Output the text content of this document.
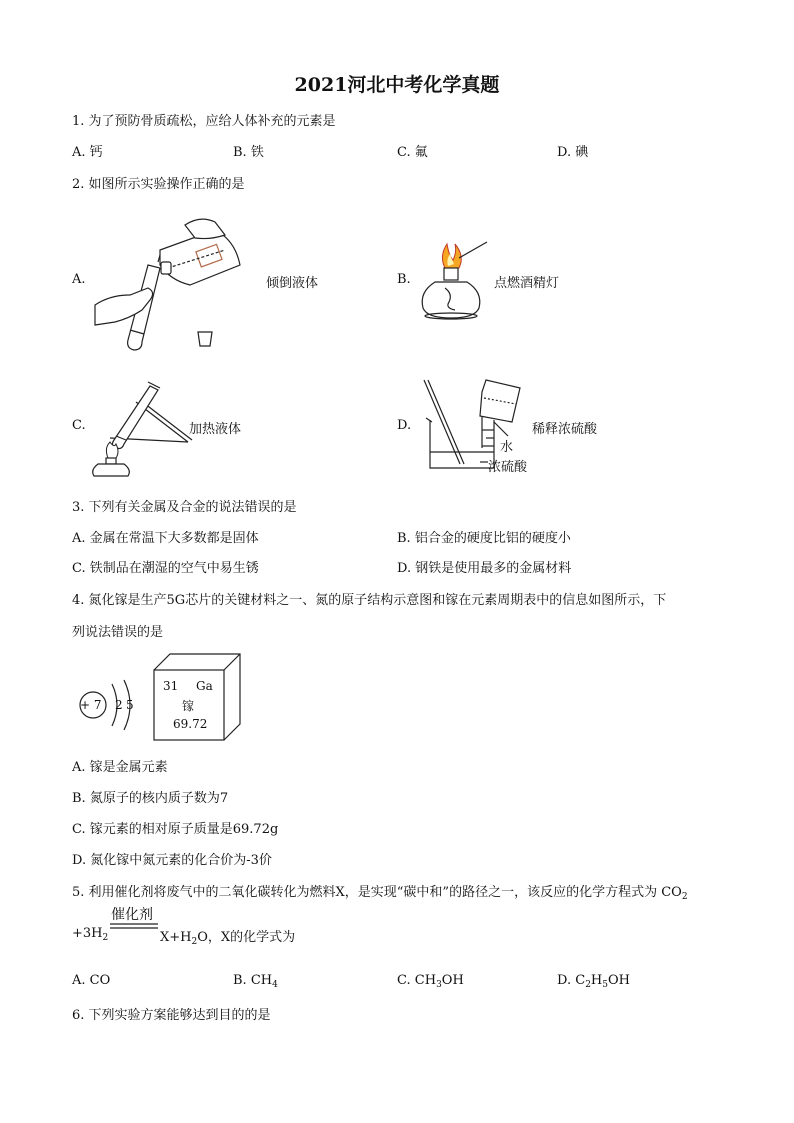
2021河北中考化学真题
1. 为了预防骨质疏松，应给人体补充的元素是
A. 钙	B. 铁	C. 氟	D. 碘
2. 如图所示实验操作正确的是
A.	倾倒液体	B.	点燃酒精灯
C.	加热液体	D.	稀释浓硫酸
水
浓硫酸
3. 下列有关金属及合金的说法错误的是
A. 金属在常温下大多数都是固体	B. 铝合金的硬度比铝的硬度小
C. 铁制品在潮湿的空气中易生锈	D. 钢铁是使用最多的金属材料
4. 氮化镓是生产5G芯片的关键材料之一、氮的原子结构示意图和镓在元素周期表中的信息如图所示，下
列说法错误的是
+ 7 2 5
31 Ga
镓
69.72
A. 镓是金属元素
B. 氮原子的核内质子数为7
C. 镓元素的相对原子质量是69.72g
D. 氮化镓中氮元素的化合价为-3价
5. 利用催化剂将废气中的二氧化碳转化为燃料X，是实现“碳中和”的路径之一，该反应的化学方程式为 $CO_2$
催化剂
$+3H_2$	$X+H_2O$，X的化学式为
A. CO	B. $CH_4$	C. $CH_3OH$	D. $C_2H_5OH$
6. 下列实验方案能够达到目的的是
